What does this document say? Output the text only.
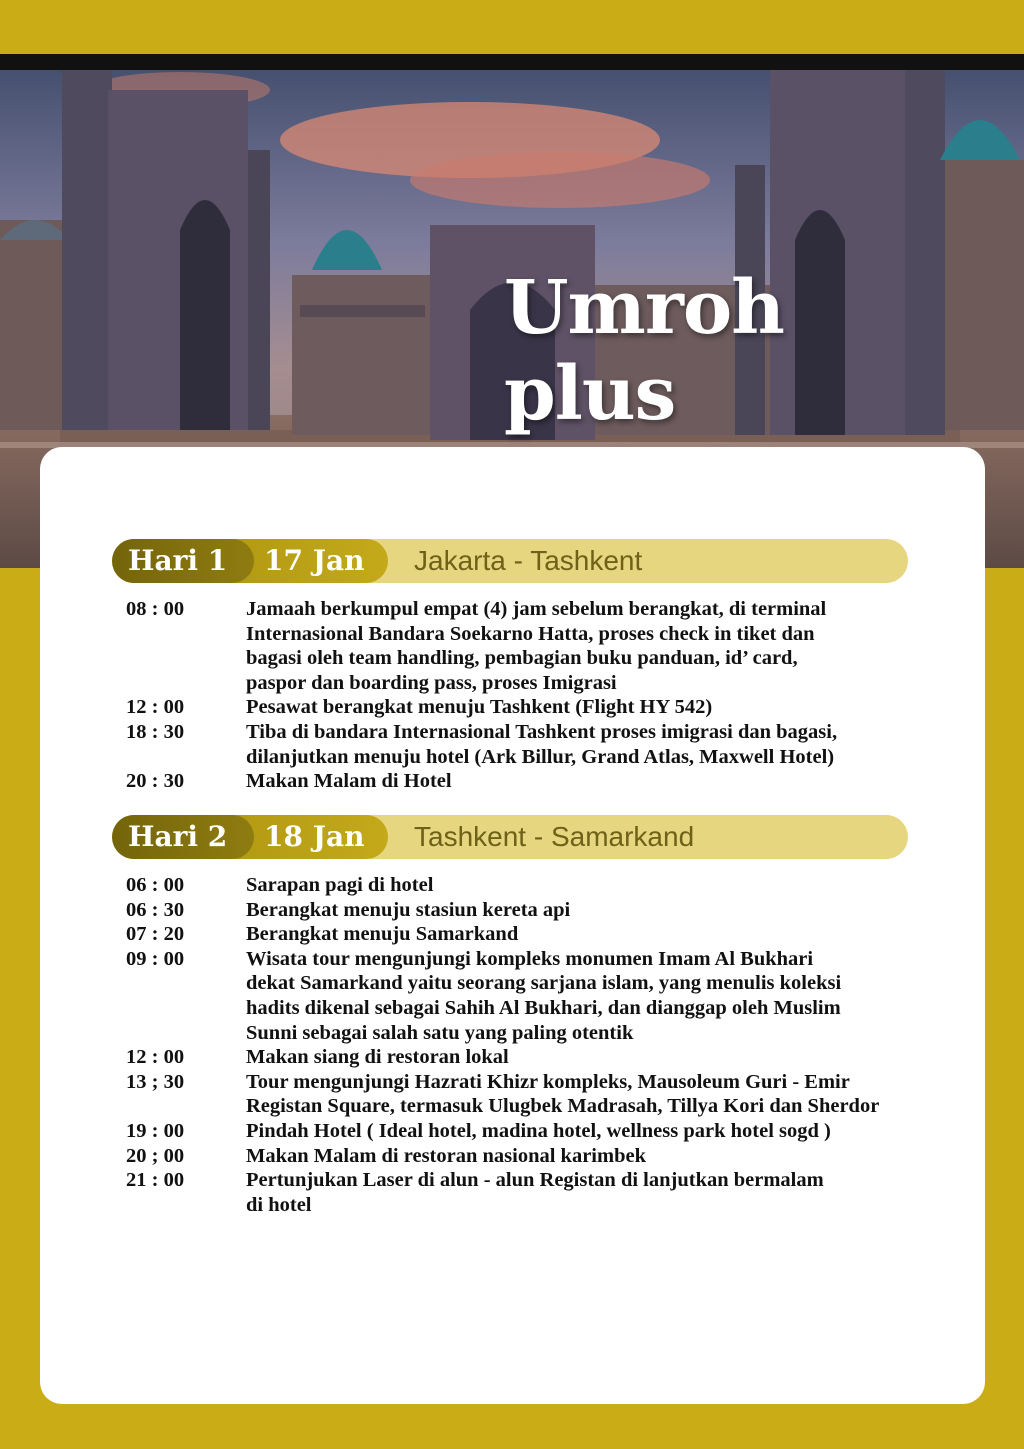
Umroh plus
Hari 1	17 Jan	Jakarta - Tashkent
08 : 00	Jamaah berkumpul empat (4) jam sebelum berangkat, di terminal
Internasional Bandara Soekarno Hatta, proses check in tiket dan
bagasi oleh team handling, pembagian buku panduan, id’ card,
paspor dan boarding pass, proses Imigrasi
12 : 00	Pesawat berangkat menuju Tashkent (Flight HY 542)
18 : 30	Tiba di bandara Internasional Tashkent proses imigrasi dan bagasi,
dilanjutkan menuju hotel (Ark Billur, Grand Atlas, Maxwell Hotel)
20 : 30	Makan Malam di Hotel
Hari 2	18 Jan	Tashkent - Samarkand
06 : 00	Sarapan pagi di hotel
06 : 30	Berangkat menuju stasiun kereta api
07 : 20	Berangkat menuju Samarkand
09 : 00	Wisata tour mengunjungi kompleks monumen Imam Al Bukhari
dekat Samarkand yaitu seorang sarjana islam, yang menulis koleksi
hadits dikenal sebagai Sahih Al Bukhari, dan dianggap oleh Muslim
Sunni sebagai salah satu yang paling otentik
12 : 00	Makan siang di restoran lokal
13 ; 30	Tour mengunjungi Hazrati Khizr kompleks, Mausoleum Guri - Emir
Registan Square, termasuk Ulugbek Madrasah, Tillya Kori dan Sherdor
19 : 00	Pindah Hotel ( Ideal hotel, madina hotel, wellness park hotel sogd )
20 ; 00	Makan Malam di restoran nasional karimbek
21 : 00	Pertunjukan Laser di alun - alun Registan di lanjutkan bermalam
di hotel
